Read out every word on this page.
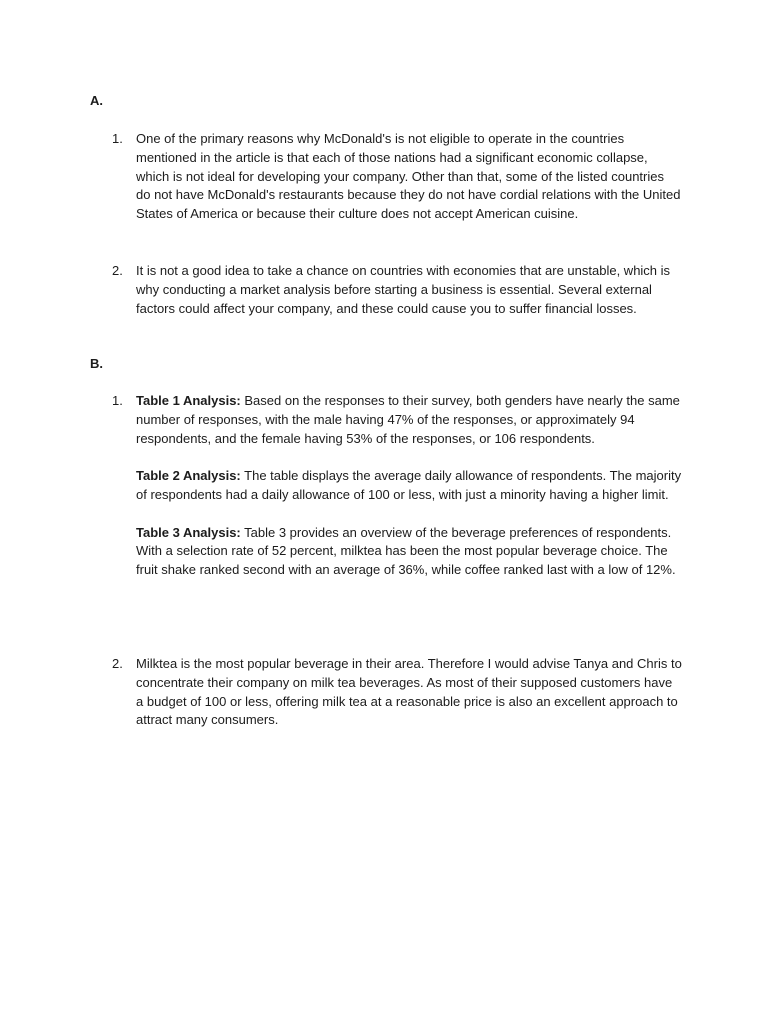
A.
1.	One of the primary reasons why McDonald's is not eligible to operate in the countries mentioned in the article is that each of those nations had a significant economic collapse, which is not ideal for developing your company. Other than that, some of the listed countries do not have McDonald's restaurants because they do not have cordial relations with the United States of America or because their culture does not accept American cuisine.

2.	It is not a good idea to take a chance on countries with economies that are unstable, which is why conducting a market analysis before starting a business is essential. Several external factors could affect your company, and these could cause you to suffer financial losses.

B.
1.	Table 1 Analysis: Based on the responses to their survey, both genders have nearly the same number of responses, with the male having 47% of the responses, or approximately 94 respondents, and the female having 53% of the responses, or 106 respondents.

Table 2 Analysis: The table displays the average daily allowance of respondents. The majority of respondents had a daily allowance of 100 or less, with just a minority having a higher limit.

Table 3 Analysis: Table 3 provides an overview of the beverage preferences of respondents. With a selection rate of 52 percent, milktea has been the most popular beverage choice. The fruit shake ranked second with an average of 36%, while coffee ranked last with a low of 12%.

2.	Milktea is the most popular beverage in their area. Therefore I would advise Tanya and Chris to concentrate their company on milk tea beverages. As most of their supposed customers have a budget of 100 or less, offering milk tea at a reasonable price is also an excellent approach to attract many consumers.
